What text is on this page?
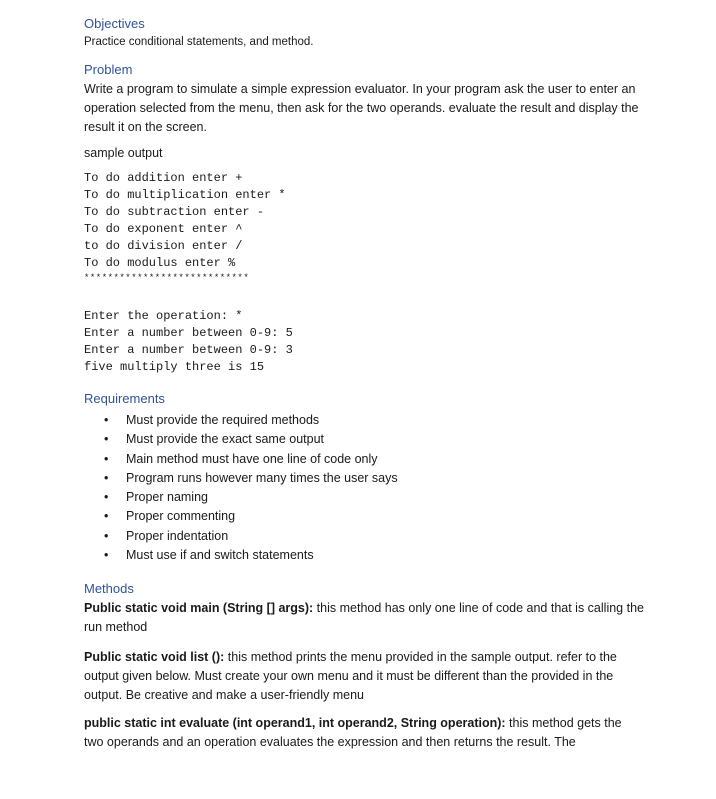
Objectives

Practice conditional statements, and method.

Problem

Write a program to simulate a simple expression evaluator. In your program ask the user to enter an operation selected from the menu, then ask for the two operands. evaluate the result and display the result it on the screen.

sample output

To do addition enter +

To do multiplication enter *

To do subtraction enter -

To do exponent enter ^

to do division enter /

To do modulus enter %

****************************

Enter the operation: *

Enter a number between 0-9: 5

Enter a number between 0-9: 3

five multiply three is 15

Requirements

• Must provide the required methods
• Must provide the exact same output
• Main method must have one line of code only
• Program runs however many times the user says
• Proper naming
• Proper commenting
• Proper indentation
• Must use if and switch statements

Methods

Public static void main (String [] args): this method has only one line of code and that is calling the run method

Public static void list (): this method prints the menu provided in the sample output. refer to the output given below. Must create your own menu and it must be different than the provided in the output. Be creative and make a user-friendly menu

public static int evaluate (int operand1, int operand2, String operation): this method gets the two operands and an operation evaluates the expression and then returns the result. The
